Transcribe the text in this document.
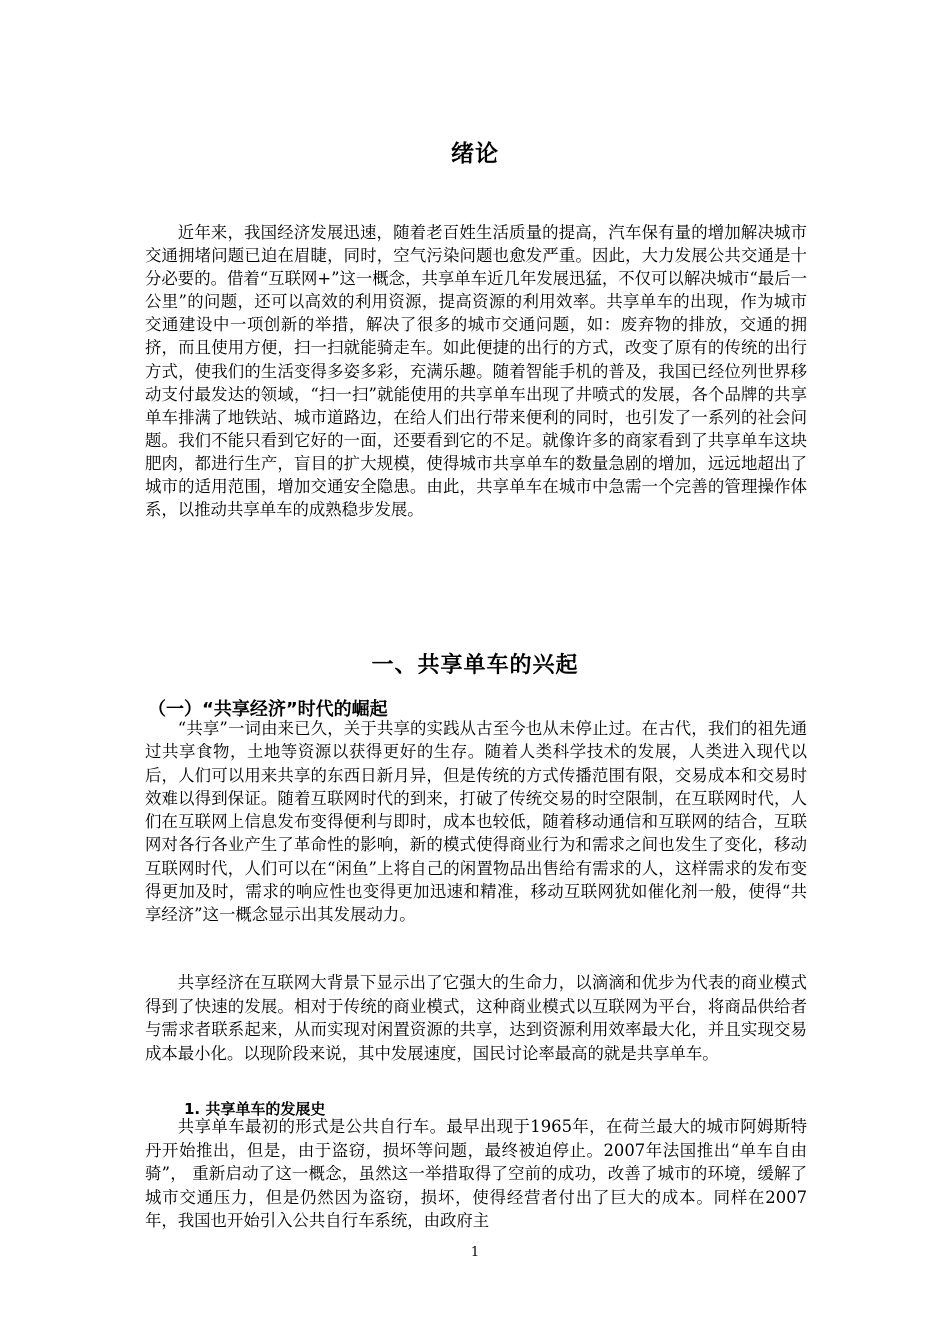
绪论

近年来，我国经济发展迅速，随着老百姓生活质量的提高，汽车保有量的增加解决城市交通拥堵问题已迫在眉睫，同时，空气污染问题也愈发严重。因此，大力发展公共交通是十分必要的。借着“互联网+”这一概念，共享单车近几年发展迅猛，不仅可以解决城市“最后一公里”的问题，还可以高效的利用资源，提高资源的利用效率。共享单车的出现，作为城市交通建设中一项创新的举措，解决了很多的城市交通问题，如：废弃物的排放，交通的拥挤，而且使用方便，扫一扫就能骑走车。如此便捷的出行的方式，改变了原有的传统的出行方式，使我们的生活变得多姿多彩，充满乐趣。随着智能手机的普及，我国已经位列世界移动支付最发达的领域，“扫一扫”就能使用的共享单车出现了井喷式的发展，各个品牌的共享单车排满了地铁站、城市道路边，在给人们出行带来便利的同时，也引发了一系列的社会问题。我们不能只看到它好的一面，还要看到它的不足。就像许多的商家看到了共享单车这块肥肉，都进行生产，盲目的扩大规模，使得城市共享单车的数量急剧的增加，远远地超出了城市的适用范围，增加交通安全隐患。由此，共享单车在城市中急需一个完善的管理操作体系，以推动共享单车的成熟稳步发展。

一、共享单车的兴起
（一）“共享经济”时代的崛起

“共享”一词由来已久，关于共享的实践从古至今也从未停止过。在古代，我们的祖先通过共享食物，土地等资源以获得更好的生存。随着人类科学技术的发展，人类进入现代以后，人们可以用来共享的东西日新月异，但是传统的方式传播范围有限，交易成本和交易时效难以得到保证。随着互联网时代的到来，打破了传统交易的时空限制，在互联网时代，人们在互联网上信息发布变得便利与即时，成本也较低，随着移动通信和互联网的结合，互联网对各行各业产生了革命性的影响，新的模式使得商业行为和需求之间也发生了变化，移动互联网时代，人们可以在“闲鱼”上将自己的闲置物品出售给有需求的人，这样需求的发布变得更加及时，需求的响应性也变得更加迅速和精准，移动互联网犹如催化剂一般，使得“共享经济”这一概念显示出其发展动力。

共享经济在互联网大背景下显示出了它强大的生命力，以滴滴和优步为代表的商业模式得到了快速的发展。相对于传统的商业模式，这种商业模式以互联网为平台，将商品供给者与需求者联系起来，从而实现对闲置资源的共享，达到资源利用效率最大化，并且实现交易成本最小化。以现阶段来说，其中发展速度，国民讨论率最高的就是共享单车。

1. 共享单车的发展史

共享单车最初的形式是公共自行车。最早出现于1965年，在荷兰最大的城市阿姆斯特丹开始推出，但是，由于盗窃，损坏等问题，最终被迫停止。2007年法国推出“单车自由骑”， 重新启动了这一概念，虽然这一举措取得了空前的成功，改善了城市的环境，缓解了城市交通压力，但是仍然因为盗窃，损坏，使得经营者付出了巨大的成本。同样在2007年，我国也开始引入公共自行车系统，由政府主

1
